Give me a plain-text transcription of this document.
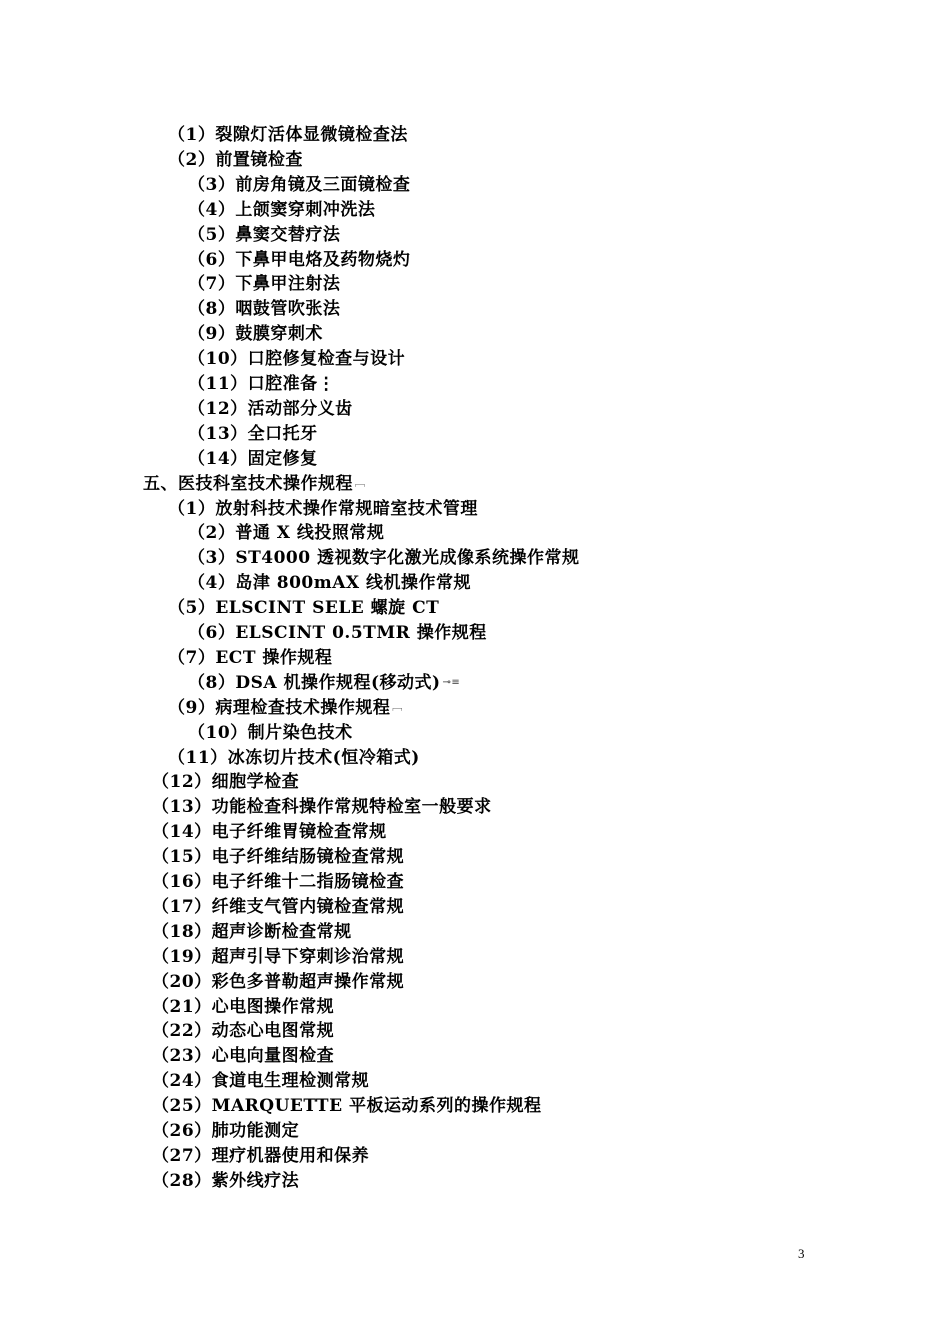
（1）裂隙灯活体显微镜检查法
（2）前置镜检查
（3）前房角镜及三面镜检查
（4）上颌窦穿刺冲洗法
（5）鼻窦交替疗法
（6）下鼻甲电烙及药物烧灼
（7）下鼻甲注射法
（8）咽鼓管吹张法
（9）鼓膜穿刺术
（10）口腔修复检查与设计
（11）口腔准备⋮
（12）活动部分义齿
（13）全口托牙
（14）固定修复
五、医技科室技术操作规程 ﹇
（1）放射科技术操作常规暗室技术管理
（2）普通 X 线投照常规
（3）ST4000 透视数字化激光成像系统操作常规
（4）岛津 800mAX 线机操作常规
（5）ELSCINT SELE 螺旋 CT
（6）ELSCINT 0.5TMR 操作规程
（7）ECT 操作规程
（8）DSA 机操作规程(移动式) ⊸≡
（9）病理检查技术操作规程 ﹇
（10）制片染色技术
（11）冰冻切片技术(恒冷箱式)
（12）细胞学检查
（13）功能检查科操作常规特检室一般要求
（14）电子纤维胃镜检查常规
（15）电子纤维结肠镜检查常规
（16）电子纤维十二指肠镜检查
（17）纤维支气管内镜检查常规
（18）超声诊断检查常规
（19）超声引导下穿刺诊治常规
（20）彩色多普勒超声操作常规
（21）心电图操作常规
（22）动态心电图常规
（23）心电向量图检查
（24）食道电生理检测常规
（25）MARQUETTE 平板运动系列的操作规程
（26）肺功能测定
（27）理疗机器使用和保养
（28）紫外线疗法
3
